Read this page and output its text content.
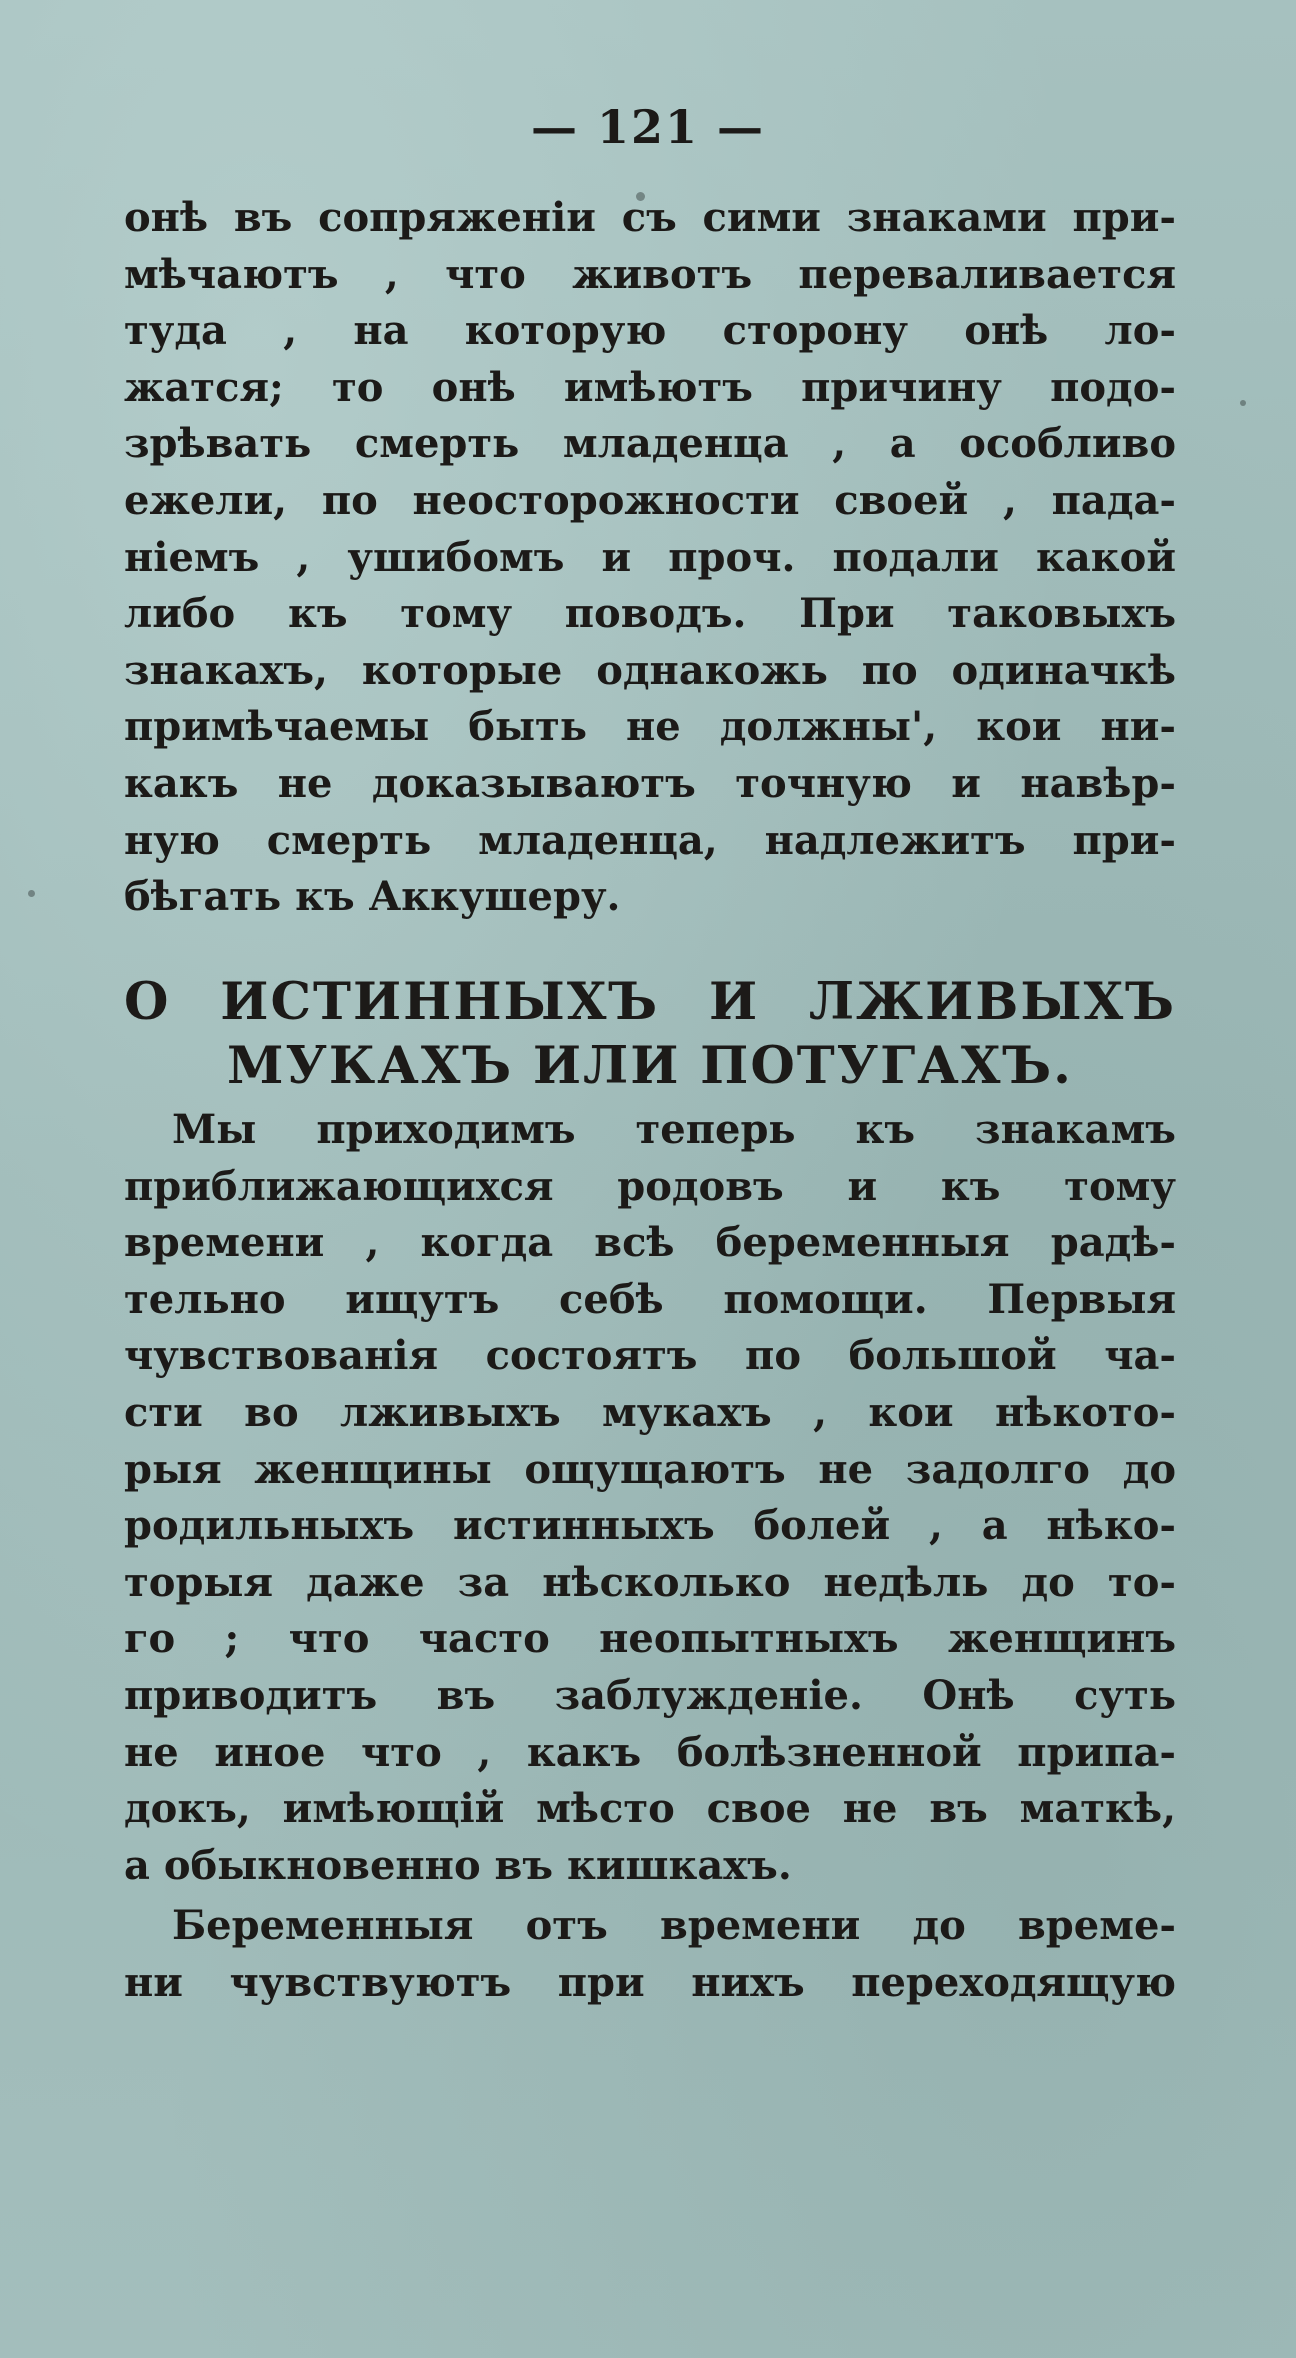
— 121 —
онѣ въ сопряженіи съ сими знаками при-
мѣчаютъ , что животъ переваливается
туда , на которую сторону онѣ ло-
жатся; то онѣ имѣютъ причину подо-
зрѣвать смерть младенца , а особливо
ежели, по неосторожности своей , пада-
ніемъ , ушибомъ и проч. подали какой
либо къ тому поводъ. При таковыхъ
знакахъ, которые однакожь по одиначкѣ
примѣчаемы быть не должны', кои ни-
какъ не доказываютъ точную и навѣр-
ную смерть младенца, надлежитъ при-
бѣгать къ Аккушеру.
О ИСТИННЫХЪ И ЛЖИВЫХЪ
МУКАХЪ ИЛИ ПОТУГАХЪ.
Мы приходимъ теперь къ знакамъ
приближающихся родовъ и къ тому
времени , когда всѣ беременныя радѣ-
тельно ищутъ себѣ помощи. Первыя
чувствованія состоятъ по большой ча-
сти во лживыхъ мукахъ , кои нѣкото-
рыя женщины ощущаютъ не задолго до
родильныхъ истинныхъ болей , а нѣко-
торыя даже за нѣсколько недѣль до то-
го ; что часто неопытныхъ женщинъ
приводитъ въ заблужденіе. Онѣ суть
не иное что , какъ болѣзненной припа-
докъ, имѣющій мѣсто свое не въ маткѣ,
а обыкновенно въ кишкахъ.
Беременныя отъ времени до време-
ни чувствуютъ при нихъ переходящую
